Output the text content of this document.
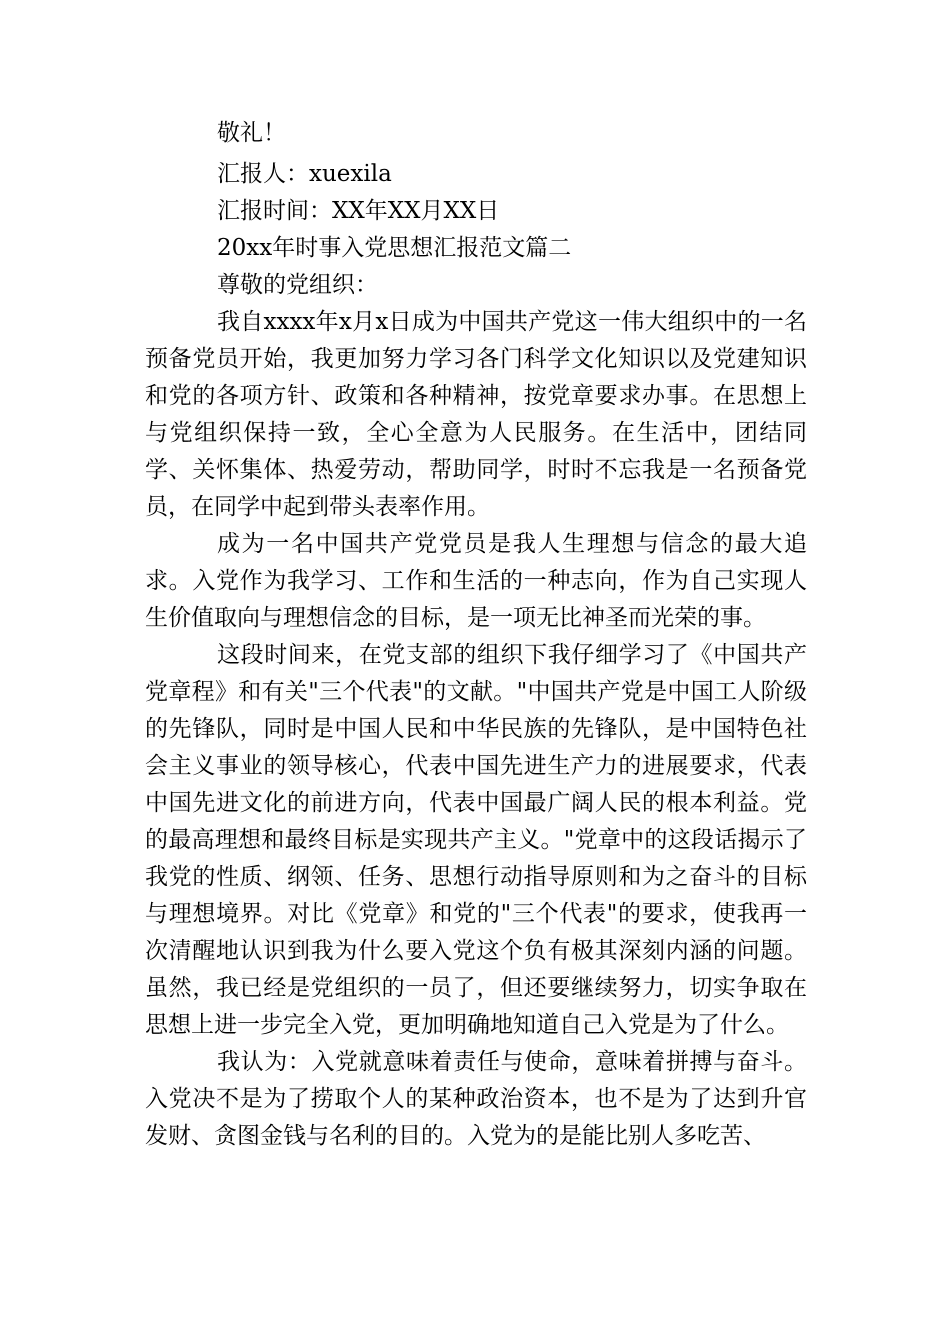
敬礼！
汇报人：xuexila
汇报时间：XX年XX月XX日
20xx年时事入党思想汇报范文篇二
尊敬的党组织：

我自xxxx年x月x日成为中国共产党这一伟大组织中的一名预备党员开始，我更加努力学习各门科学文化知识以及党建知识和党的各项方针、政策和各种精神，按党章要求办事。在思想上与党组织保持一致，全心全意为人民服务。在生活中，团结同学、关怀集体、热爱劳动，帮助同学，时时不忘我是一名预备党员，在同学中起到带头表率作用。

成为一名中国共产党党员是我人生理想与信念的最大追求。入党作为我学习、工作和生活的一种志向，作为自己实现人生价值取向与理想信念的目标，是一项无比神圣而光荣的事。

这段时间来，在党支部的组织下我仔细学习了《中国共产党章程》和有关"三个代表"的文献。"中国共产党是中国工人阶级的先锋队，同时是中国人民和中华民族的先锋队，是中国特色社会主义事业的领导核心，代表中国先进生产力的进展要求，代表中国先进文化的前进方向，代表中国最广阔人民的根本利益。党的最高理想和最终目标是实现共产主义。"党章中的这段话揭示了我党的性质、纲领、任务、思想行动指导原则和为之奋斗的目标与理想境界。对比《党章》和党的"三个代表"的要求，使我再一次清醒地认识到我为什么要入党这个负有极其深刻内涵的问题。虽然，我已经是党组织的一员了，但还要继续努力，切实争取在思想上进一步完全入党，更加明确地知道自己入党是为了什么。

我认为：入党就意味着责任与使命，意味着拼搏与奋斗。入党决不是为了捞取个人的某种政治资本，也不是为了达到升官发财、贪图金钱与名利的目的。入党为的是能比别人多吃苦、
